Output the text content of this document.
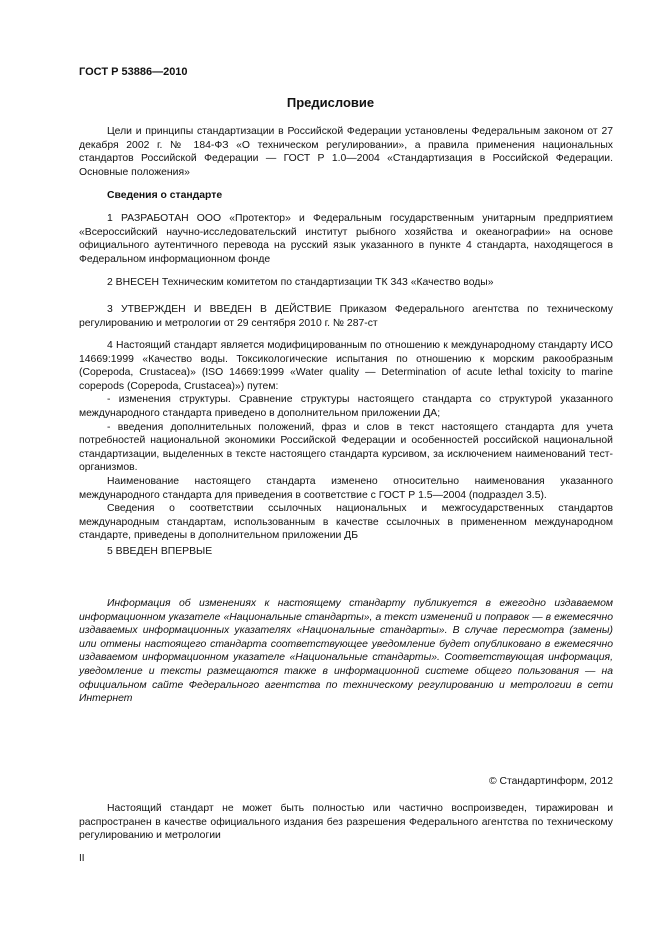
ГОСТ Р 53886—2010
Предисловие

Цели и принципы стандартизации в Российской Федерации установлены Федеральным законом от 27 декабря 2002 г. № 184-ФЗ «О техническом регулировании», а правила применения национальных стандартов Российской Федерации — ГОСТ Р 1.0—2004 «Стандартизация в Российской Федерации. Основные положения»

Сведения о стандарте

1 РАЗРАБОТАН ООО «Протектор» и Федеральным государственным унитарным предприятием «Всероссийский научно-исследовательский институт рыбного хозяйства и океанографии» на основе официального аутентичного перевода на русский язык указанного в пункте 4 стандарта, находящегося в Федеральном информационном фонде

2 ВНЕСЕН Техническим комитетом по стандартизации ТК 343 «Качество воды»

3 УТВЕРЖДЕН И ВВЕДЕН В ДЕЙСТВИЕ Приказом Федерального агентства по техническому регулированию и метрологии от 29 сентября 2010 г. № 287-ст

4 Настоящий стандарт является модифицированным по отношению к международному стандарту ИСО 14669:1999 «Качество воды. Токсикологические испытания по отношению к морским ракообразным (Copepoda, Crustacea)» (ISO 14669:1999 «Water quality — Determination of acute lethal toxicity to marine copepods (Copepoda, Crustacea)») путем:

- изменения структуры. Сравнение структуры настоящего стандарта со структурой указанного международного стандарта приведено в дополнительном приложении ДА;

- введения дополнительных положений, фраз и слов в текст настоящего стандарта для учета потребностей национальной экономики Российской Федерации и особенностей российской национальной стандартизации, выделенных в тексте настоящего стандарта курсивом, за исключением наименований тест-организмов.

Наименование настоящего стандарта изменено относительно наименования указанного международного стандарта для приведения в соответствие с ГОСТ Р 1.5—2004 (подраздел 3.5).

Сведения о соответствии ссылочных национальных и межгосударственных стандартов международным стандартам, использованным в качестве ссылочных в примененном международном стандарте, приведены в дополнительном приложении ДБ

5 ВВЕДЕН ВПЕРВЫЕ

Информация об изменениях к настоящему стандарту публикуется в ежегодно издаваемом информационном указателе «Национальные стандарты», а текст изменений и поправок — в ежемесячно издаваемых информационных указателях «Национальные стандарты». В случае пересмотра (замены) или отмены настоящего стандарта соответствующее уведомление будет опубликовано в ежемесячно издаваемом информационном указателе «Национальные стандарты». Соответствующая информация, уведомление и тексты размещаются также в информационной системе общего пользования — на официальном сайте Федерального агентства по техническому регулированию и метрологии в сети Интернет

© Стандартинформ, 2012

Настоящий стандарт не может быть полностью или частично воспроизведен, тиражирован и распространен в качестве официального издания без разрешения Федерального агентства по техническому регулированию и метрологии

II
